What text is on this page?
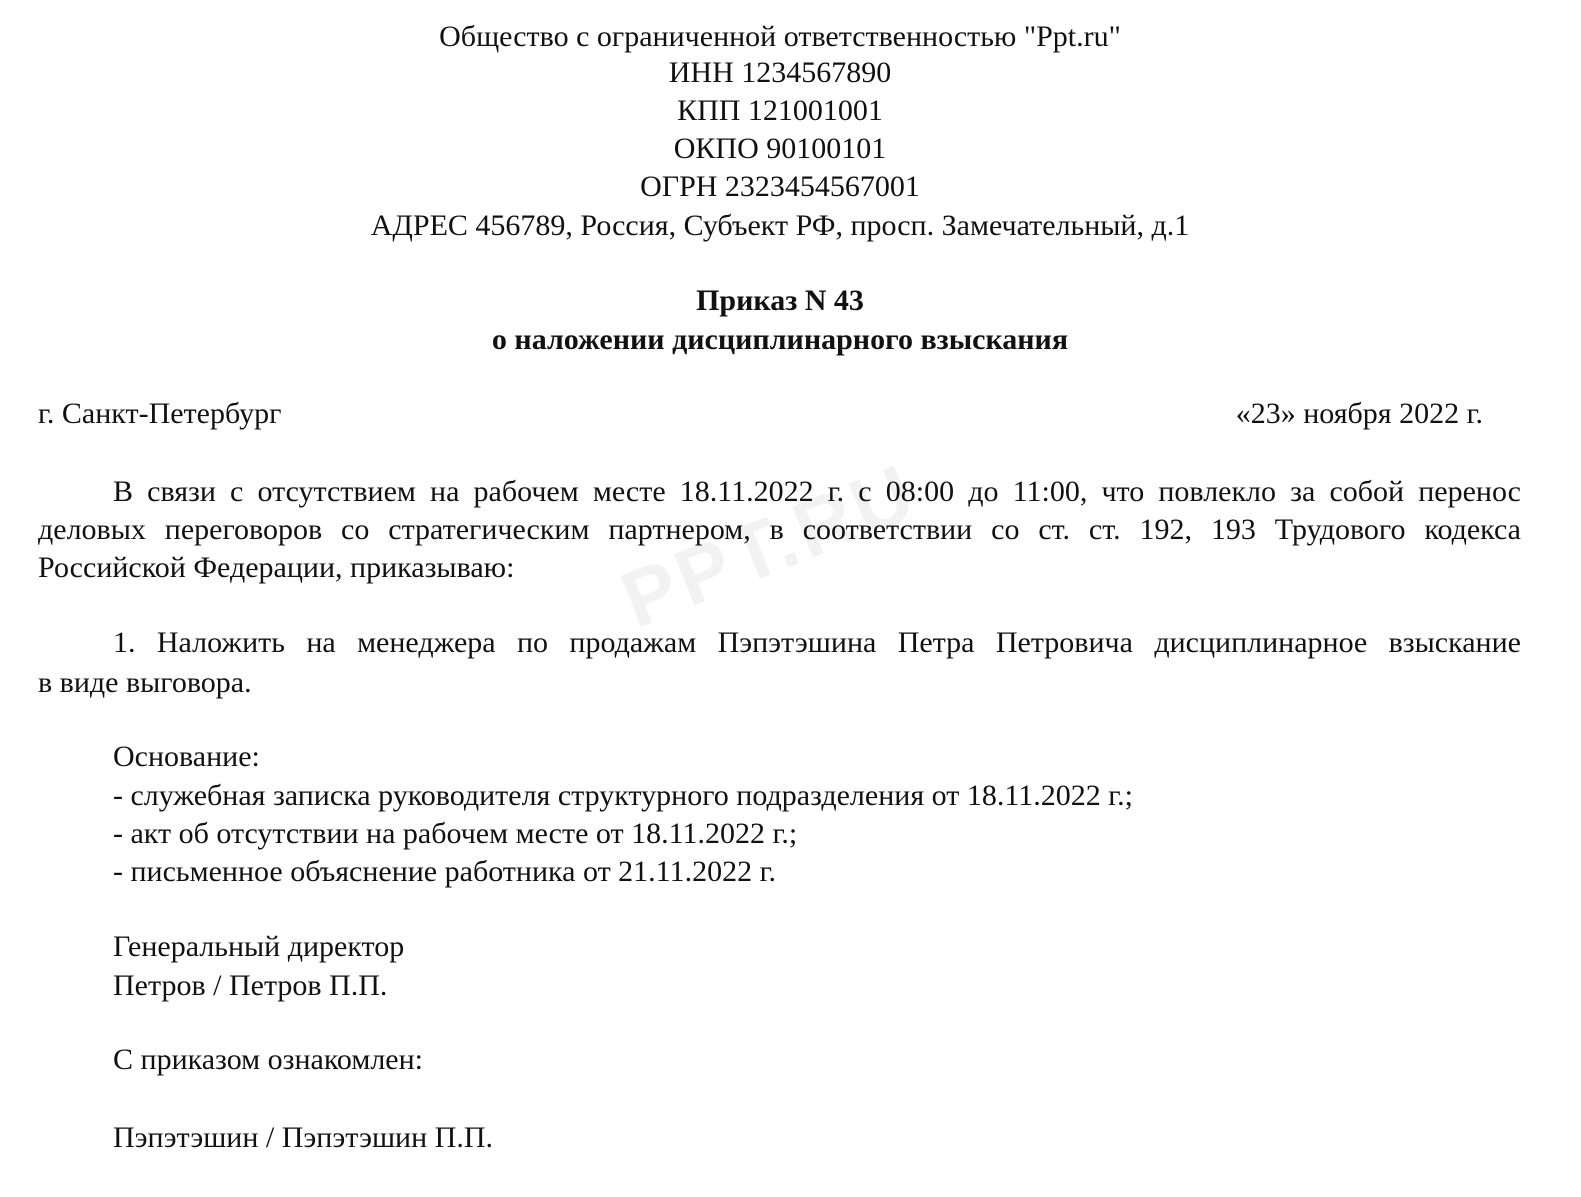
PPT.RU
Общество с ограниченной ответственностью "Ppt.ru"
ИНН 1234567890
КПП 121001001
ОКПО 90100101
ОГРН 2323454567001
АДРЕС 456789, Россия, Субъект РФ, просп. Замечательный, д.1
Приказ N 43
о наложении дисциплинарного взыскания
г. Санкт-Петербург	«23» ноября 2022 г.
В связи с отсутствием на рабочем месте 18.11.2022 г. с 08:00 до 11:00, что повлекло за собой перенос
деловых переговоров со стратегическим партнером, в соответствии со ст. ст. 192, 193 Трудового кодекса
Российской Федерации, приказываю:
1. Наложить на менеджера по продажам Пэпэтэшина Петра Петровича дисциплинарное взыскание
в виде выговора.
Основание:
- служебная записка руководителя структурного подразделения от 18.11.2022 г.;
- акт об отсутствии на рабочем месте от 18.11.2022 г.;
- письменное объяснение работника от 21.11.2022 г.
Генеральный директор
Петров / Петров П.П.
С приказом ознакомлен:
Пэпэтэшин / Пэпэтэшин П.П.
